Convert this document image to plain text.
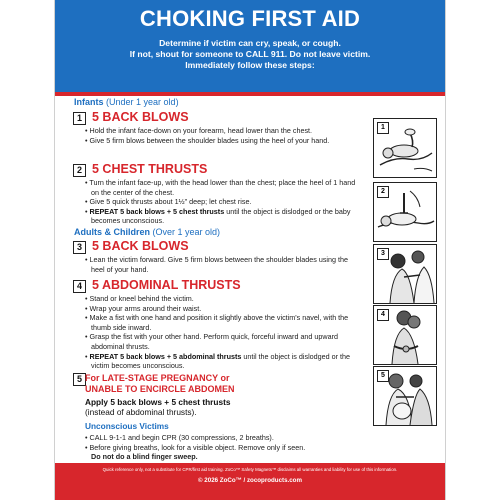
CHOKING FIRST AID
Determine if victim can cry, speak, or cough.
If not, shout for someone to CALL 911. Do not leave victim.
Immediately follow these steps:
Infants (Under 1 year old)
1 5 BACK BLOWS
• Hold the infant face-down on your forearm, head lower than the chest.
• Give 5 firm blows between the shoulder blades using the heel of your hand.
2 5 CHEST THRUSTS
• Turn the infant face-up, with the head lower than the chest; place the heel of 1 hand on the center of the chest.
• Give 5 quick thrusts about 1½" deep; let chest rise.
• REPEAT 5 back blows + 5 chest thrusts until the object is dislodged or the baby becomes unconscious.
Adults & Children (Over 1 year old)
3 5 BACK BLOWS
• Lean the victim forward. Give 5 firm blows between the shoulder blades using the heel of your hand.
4 5 ABDOMINAL THRUSTS
• Stand or kneel behind the victim.
• Wrap your arms around their waist.
• Make a fist with one hand and position it slightly above the victim's navel, with the thumb side inward.
• Grasp the fist with your other hand. Perform quick, forceful inward and upward abdominal thrusts.
• REPEAT 5 back blows + 5 abdominal thrusts until the object is dislodged or the victim becomes unconscious.
5 For LATE-STAGE PREGNANCY or
UNABLE TO ENCIRCLE ABDOMEN
Apply 5 back blows + 5 chest thrusts
(instead of abdominal thrusts).
Unconscious Victims
• CALL 9-1-1 and begin CPR (30 compressions, 2 breaths).
• Before giving breaths, look for a visible object. Remove only if seen.
Do not do a blind finger sweep.
1
2
3
4
5
Quick reference only, not a substitute for CPR/first aid training. ZoCo™ Safety Magnets™ disclaims all warranties and liability for use of this information.
© 2026 ZoCo™ / zocoproducts.com
